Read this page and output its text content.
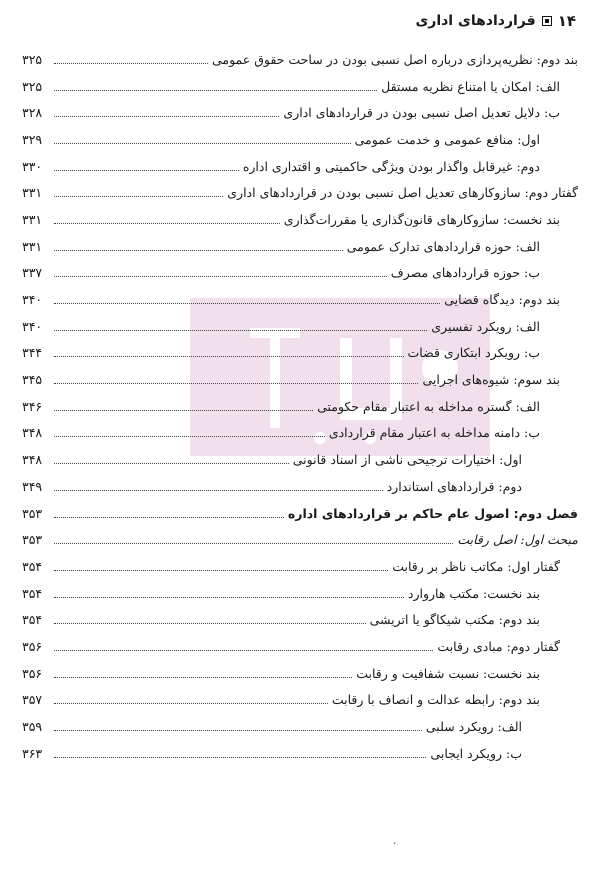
۱۴
قراردادهای اداری
بند دوم: نظریه‌پردازی درباره اصل نسبی بودن در ساحت حقوق عمومی
۳۲۵
الف: امکان یا امتناع نظریه مستقل
۳۲۵
ب: دلایل تعدیل اصل نسبی بودن در قراردادهای اداری
۳۲۸
اول: منافع عمومی و خدمت عمومی
۳۲۹
دوم: غیرقابل واگذار بودن ویژگی حاکمیتی و اقتداری اداره
۳۳۰
گفتار دوم: سازوکارهای تعدیل اصل نسبی بودن در قراردادهای اداری
۳۳۱
بند نخست: سازوکارهای قانون‌گذاری یا مقررات‌گذاری
۳۳۱
الف: حوزه قراردادهای تدارک عمومی
۳۳۱
ب: حوزه قراردادهای مصرف
۳۳۷
بند دوم: دیدگاه قضایی
۳۴۰
الف: رویکرد تفسیری
۳۴۰
ب: رویکرد ابتکاری قضات
۳۴۴
بند سوم: شیوه‌های اجرایی
۳۴۵
الف: گستره مداخله به اعتبار مقام حکومتی
۳۴۶
ب: دامنه مداخله به اعتبار مقام قراردادی
۳۴۸
اول: اختیارات ترجیحی ناشی از اسناد قانونی
۳۴۸
دوم: قراردادهای استاندارد
۳۴۹
فصل دوم: اصول عام حاکم بر قراردادهای اداره
۳۵۳
مبحث اول: اصل رقابت
۳۵۳
گفتار اول: مکاتب ناظر بر رقابت
۳۵۴
بند نخست: مکتب هاروارد
۳۵۴
بند دوم: مکتب شیکاگو یا اتریشی
۳۵۴
گفتار دوم: مبادی رقابت
۳۵۶
بند نخست: نسبت شفافیت و رقابت
۳۵۶
بند دوم: رابطه عدالت و انصاف با رقابت
۳۵۷
الف: رویکرد سلبی
۳۵۹
ب: رویکرد ایجابی
۳۶۳
٠
